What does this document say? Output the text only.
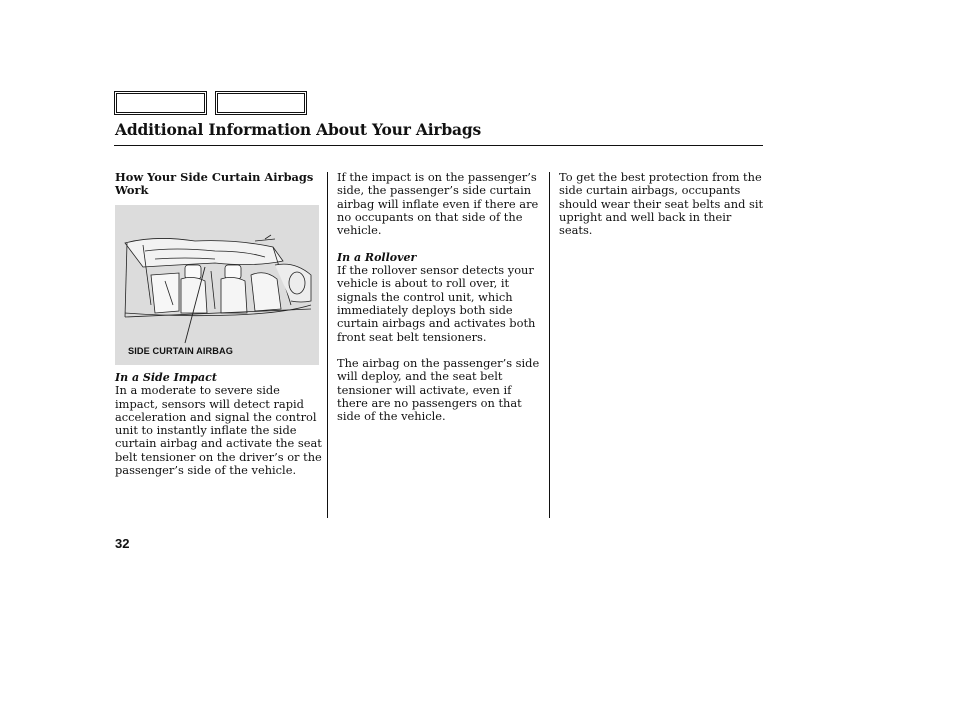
Additional Information About Your Airbags

How Your Side Curtain Airbags Work

SIDE CURTAIN AIRBAG

In a Side Impact

In a moderate to severe side impact, sensors will detect rapid acceleration and signal the control unit to instantly inflate the side curtain airbag and activate the seat belt tensioner on the driver’s or the passenger’s side of the vehicle.

If the impact is on the passenger’s side, the passenger’s side curtain airbag will inflate even if there are no occupants on that side of the vehicle.

In a Rollover

If the rollover sensor detects your vehicle is about to roll over, it signals the control unit, which immediately deploys both side curtain airbags and activates both front seat belt tensioners.

The airbag on the passenger’s side will deploy, and the seat belt tensioner will activate, even if there are no passengers on that side of the vehicle.

To get the best protection from the side curtain airbags, occupants should wear their seat belts and sit upright and well back in their seats.

32
